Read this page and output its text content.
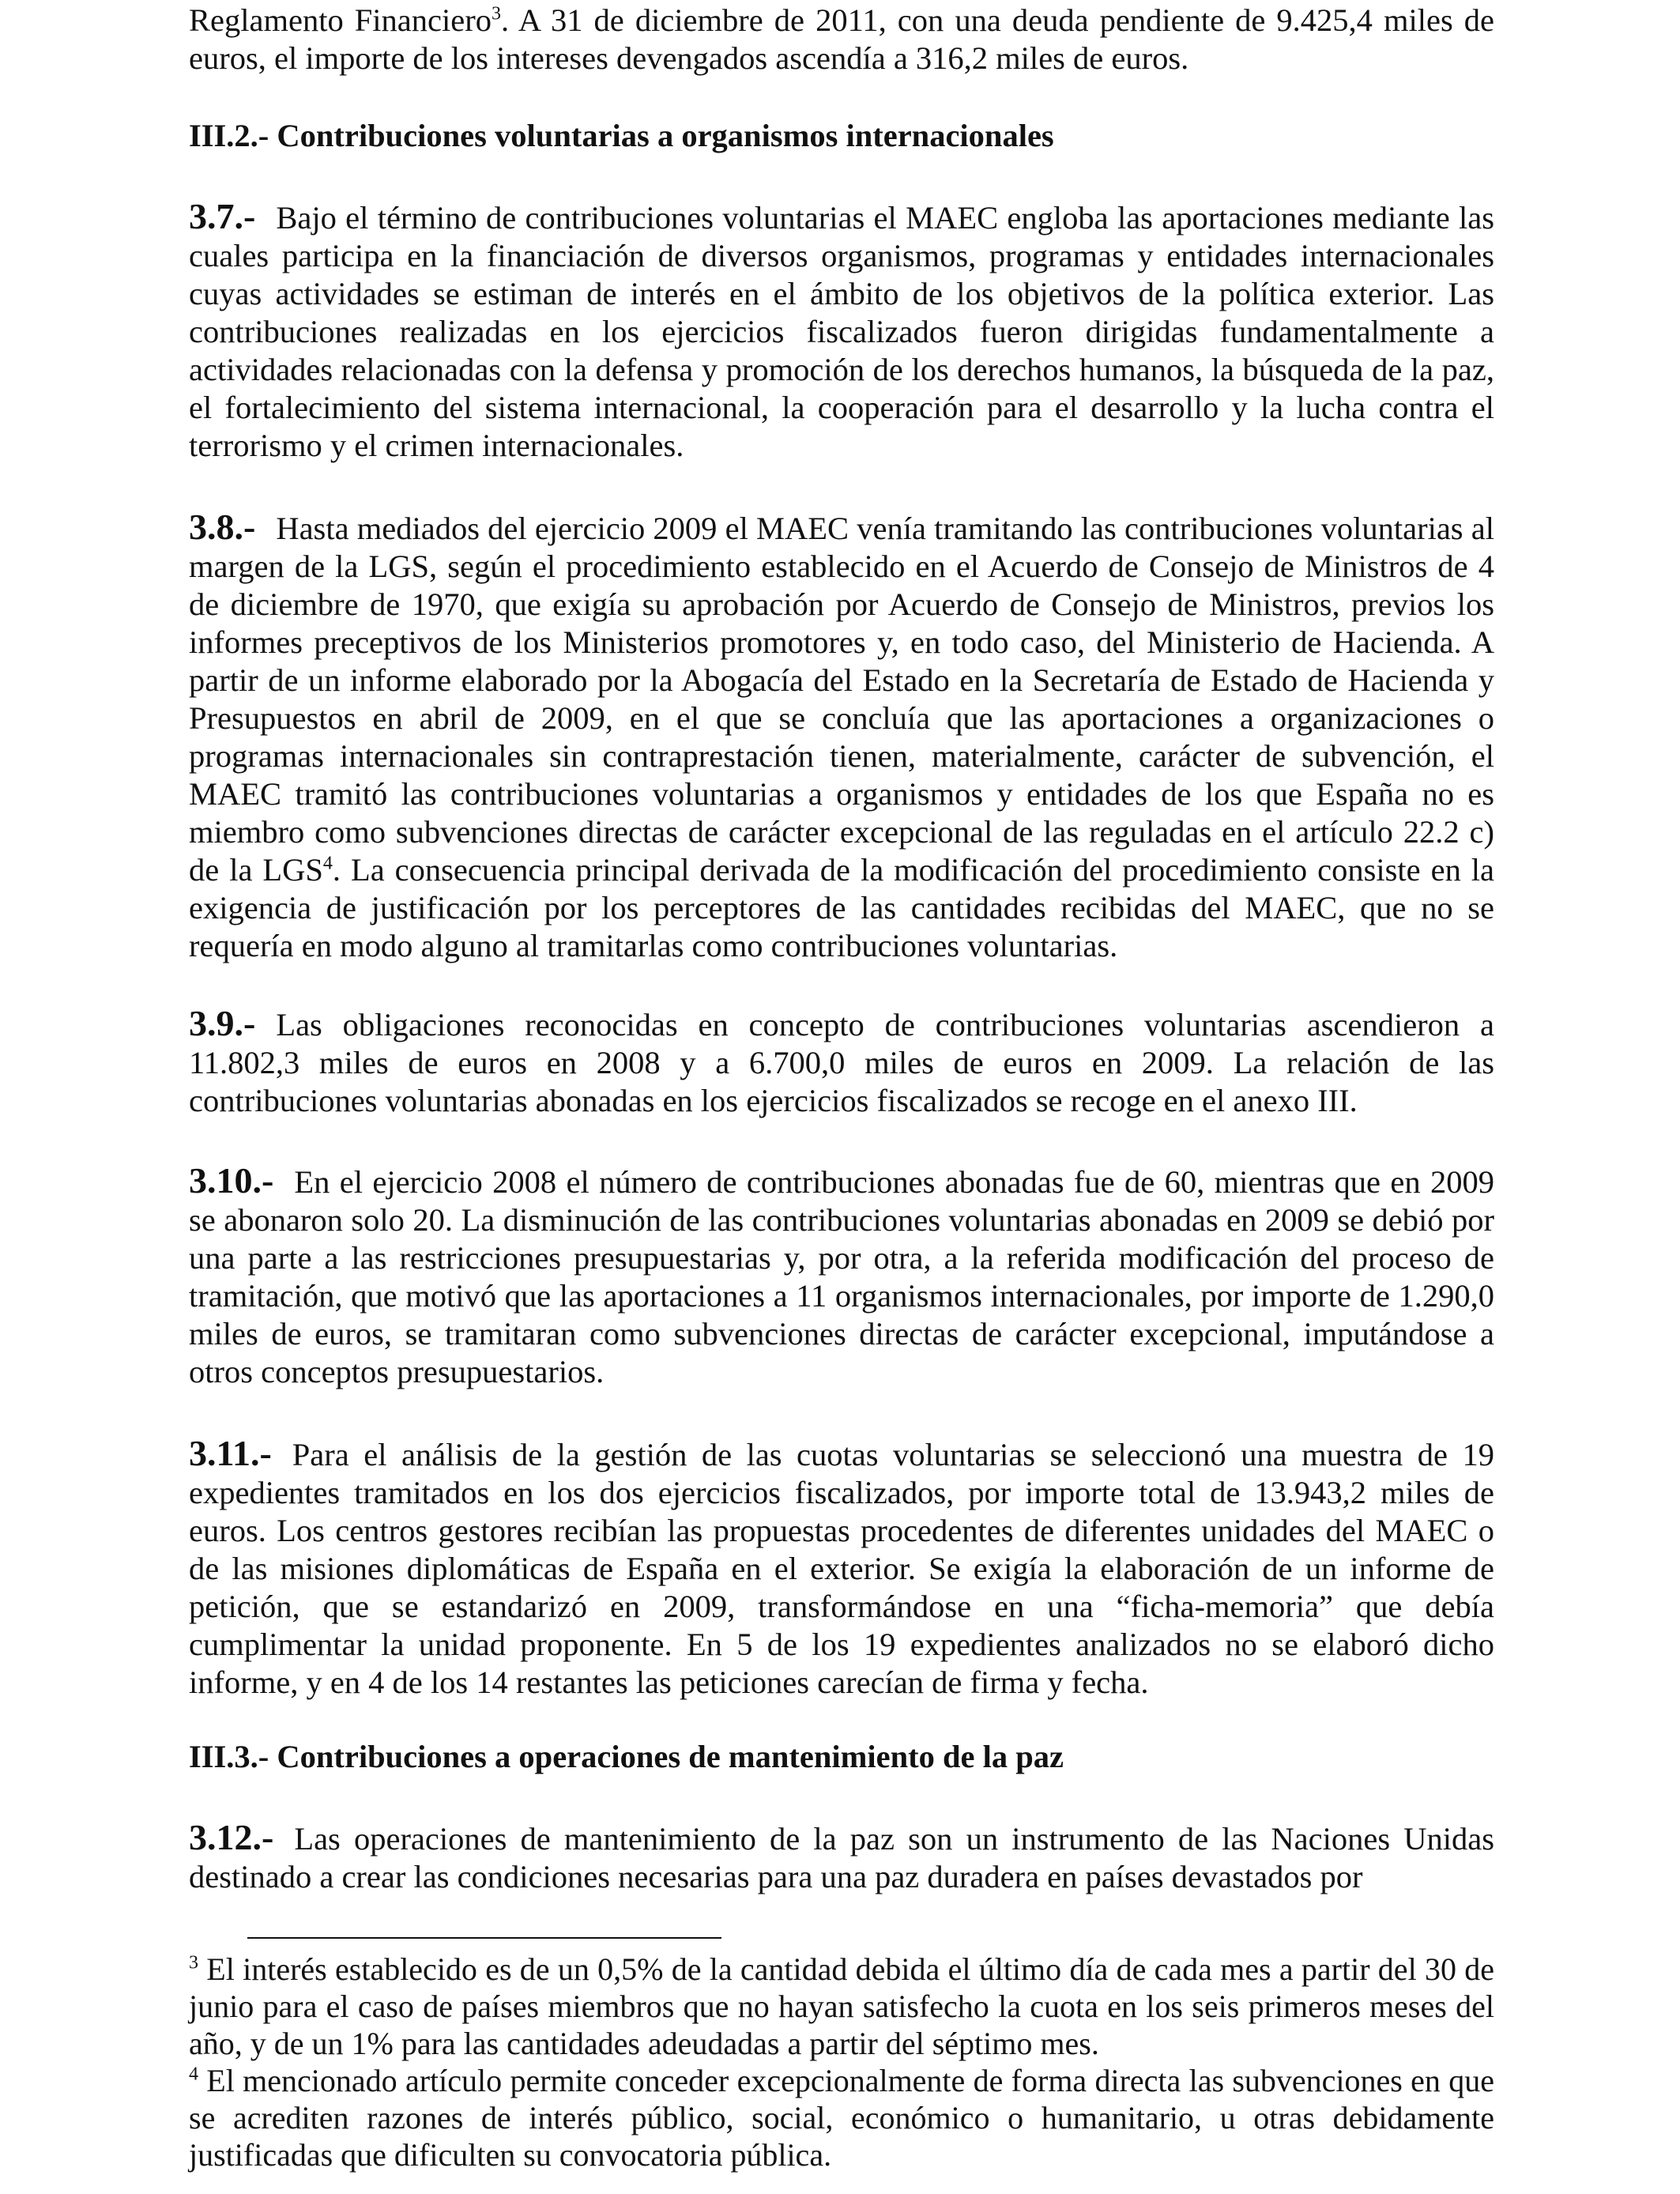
Reglamento Financiero$^3$. A 31 de diciembre de 2011, con una deuda pendiente de 9.425,4 miles de euros, el importe de los intereses devengados ascendía a 316,2 miles de euros.
III.2.- Contribuciones voluntarias a organismos internacionales

3.7.- Bajo el término de contribuciones voluntarias el MAEC engloba las aportaciones mediante las cuales participa en la financiación de diversos organismos, programas y entidades internacionales cuyas actividades se estiman de interés en el ámbito de los objetivos de la política exterior. Las contribuciones realizadas en los ejercicios fiscalizados fueron dirigidas fundamentalmente a actividades relacionadas con la defensa y promoción de los derechos humanos, la búsqueda de la paz, el fortalecimiento del sistema internacional, la cooperación para el desarrollo y la lucha contra el terrorismo y el crimen internacionales.

3.8.- Hasta mediados del ejercicio 2009 el MAEC venía tramitando las contribuciones voluntarias al margen de la LGS, según el procedimiento establecido en el Acuerdo de Consejo de Ministros de 4 de diciembre de 1970, que exigía su aprobación por Acuerdo de Consejo de Ministros, previos los informes preceptivos de los Ministerios promotores y, en todo caso, del Ministerio de Hacienda. A partir de un informe elaborado por la Abogacía del Estado en la Secretaría de Estado de Hacienda y Presupuestos en abril de 2009, en el que se concluía que las aportaciones a organizaciones o programas internacionales sin contraprestación tienen, materialmente, carácter de subvención, el MAEC tramitó las contribuciones voluntarias a organismos y entidades de los que España no es miembro como subvenciones directas de carácter excepcional de las reguladas en el artículo 22.2 c) de la LGS$^4$. La consecuencia principal derivada de la modificación del procedimiento consiste en la exigencia de justificación por los perceptores de las cantidades recibidas del MAEC, que no se requería en modo alguno al tramitarlas como contribuciones voluntarias.

3.9.- Las obligaciones reconocidas en concepto de contribuciones voluntarias ascendieron a 11.802,3 miles de euros en 2008 y a 6.700,0 miles de euros en 2009. La relación de las contribuciones voluntarias abonadas en los ejercicios fiscalizados se recoge en el anexo III.

3.10.- En el ejercicio 2008 el número de contribuciones abonadas fue de 60, mientras que en 2009 se abonaron solo 20. La disminución de las contribuciones voluntarias abonadas en 2009 se debió por una parte a las restricciones presupuestarias y, por otra, a la referida modificación del proceso de tramitación, que motivó que las aportaciones a 11 organismos internacionales, por importe de 1.290,0 miles de euros, se tramitaran como subvenciones directas de carácter excepcional, imputándose a otros conceptos presupuestarios.

3.11.- Para el análisis de la gestión de las cuotas voluntarias se seleccionó una muestra de 19 expedientes tramitados en los dos ejercicios fiscalizados, por importe total de 13.943,2 miles de euros. Los centros gestores recibían las propuestas procedentes de diferentes unidades del MAEC o de las misiones diplomáticas de España en el exterior. Se exigía la elaboración de un informe de petición, que se estandarizó en 2009, transformándose en una “ficha-memoria” que debía cumplimentar la unidad proponente. En 5 de los 19 expedientes analizados no se elaboró dicho informe, y en 4 de los 14 restantes las peticiones carecían de firma y fecha.

III.3.- Contribuciones a operaciones de mantenimiento de la paz

3.12.- Las operaciones de mantenimiento de la paz son un instrumento de las Naciones Unidas destinado a crear las condiciones necesarias para una paz duradera en países devastados por

$^3$ El interés establecido es de un 0,5% de la cantidad debida el último día de cada mes a partir del 30 de junio para el caso de países miembros que no hayan satisfecho la cuota en los seis primeros meses del año, y de un 1% para las cantidades adeudadas a partir del séptimo mes.

$^4$ El mencionado artículo permite conceder excepcionalmente de forma directa las subvenciones en que se acrediten razones de interés público, social, económico o humanitario, u otras debidamente justificadas que dificulten su convocatoria pública.
